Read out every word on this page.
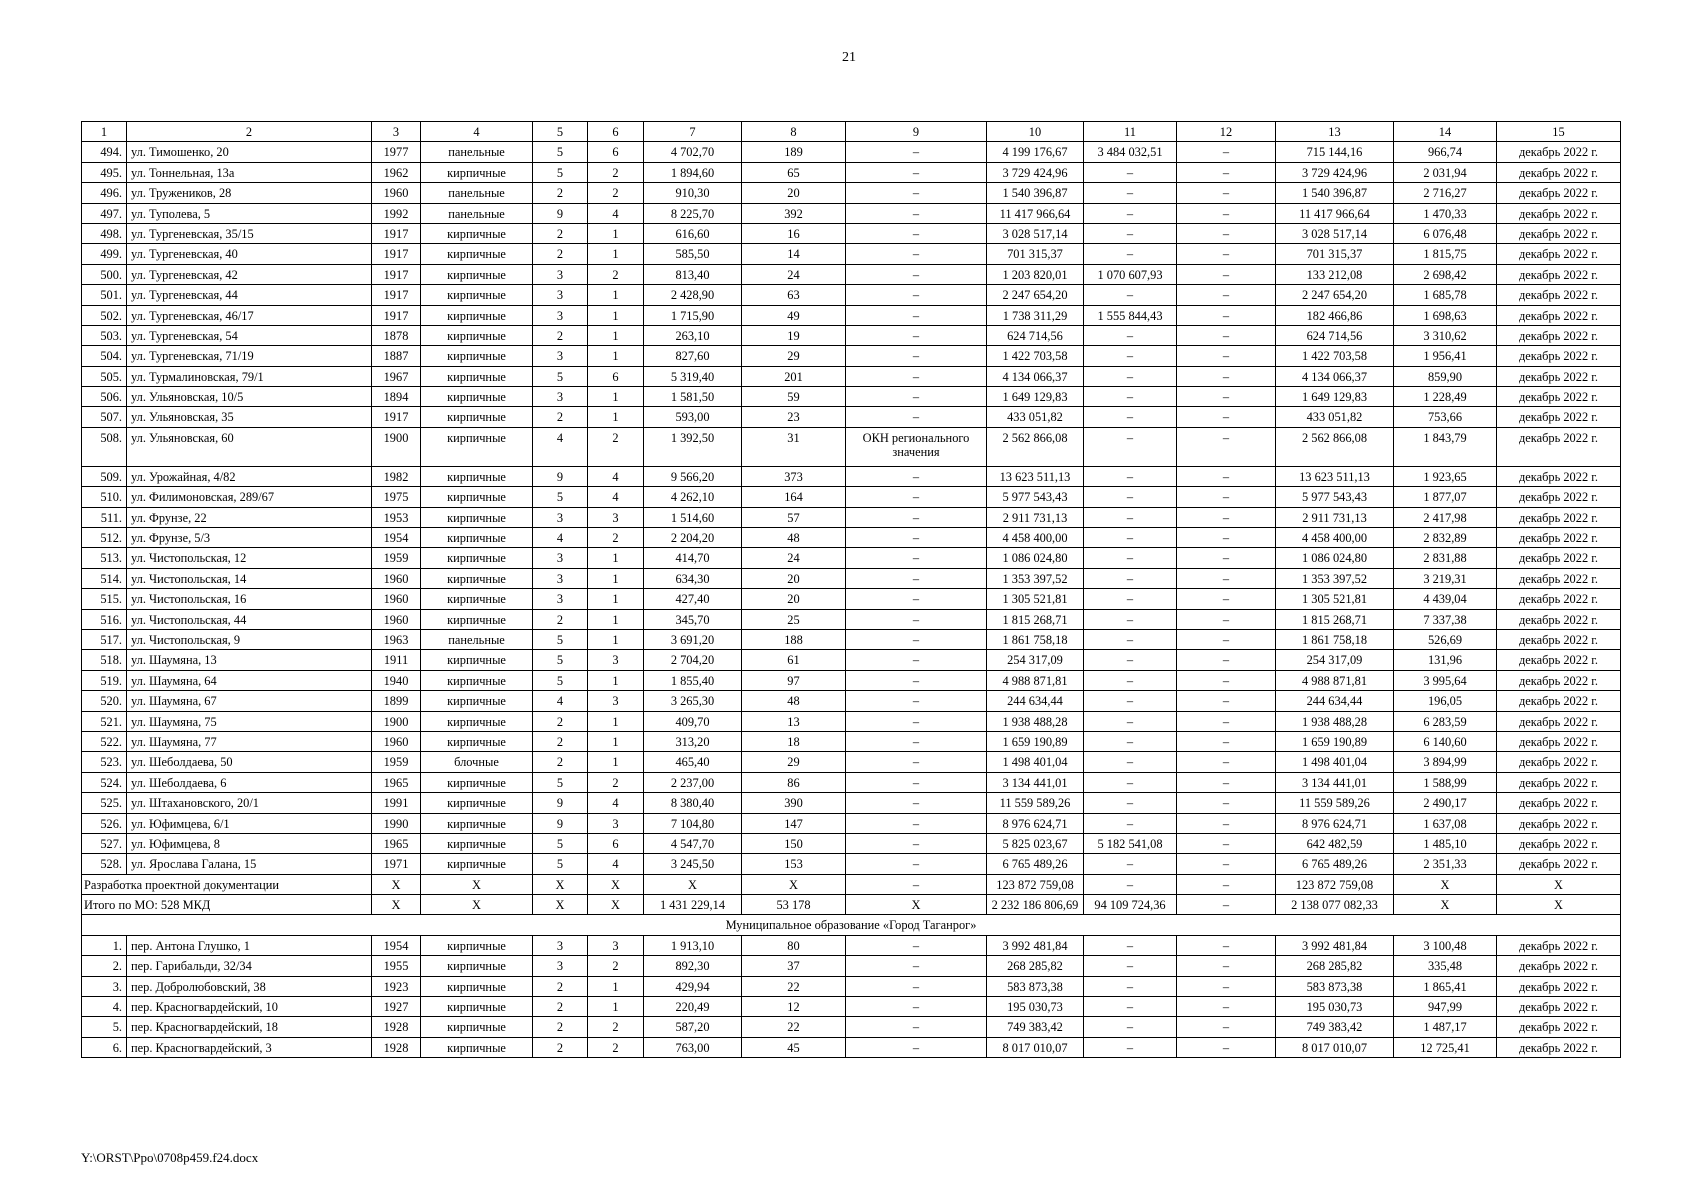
21
1	2	3	4	5	6	7	8	9	10	11	12	13	14	15
494.	ул. Тимошенко, 20	1977	панельные	5	6	4 702,70	189	–	4 199 176,67	3 484 032,51	–	715 144,16	966,74	декабрь 2022 г.
495.	ул. Тоннельная, 13а	1962	кирпичные	5	2	1 894,60	65	–	3 729 424,96	–	–	3 729 424,96	2 031,94	декабрь 2022 г.
496.	ул. Тружеников, 28	1960	панельные	2	2	910,30	20	–	1 540 396,87	–	–	1 540 396,87	2 716,27	декабрь 2022 г.
497.	ул. Туполева, 5	1992	панельные	9	4	8 225,70	392	–	11 417 966,64	–	–	11 417 966,64	1 470,33	декабрь 2022 г.
498.	ул. Тургеневская, 35/15	1917	кирпичные	2	1	616,60	16	–	3 028 517,14	–	–	3 028 517,14	6 076,48	декабрь 2022 г.
499.	ул. Тургеневская, 40	1917	кирпичные	2	1	585,50	14	–	701 315,37	–	–	701 315,37	1 815,75	декабрь 2022 г.
500.	ул. Тургеневская, 42	1917	кирпичные	3	2	813,40	24	–	1 203 820,01	1 070 607,93	–	133 212,08	2 698,42	декабрь 2022 г.
501.	ул. Тургеневская, 44	1917	кирпичные	3	1	2 428,90	63	–	2 247 654,20	–	–	2 247 654,20	1 685,78	декабрь 2022 г.
502.	ул. Тургеневская, 46/17	1917	кирпичные	3	1	1 715,90	49	–	1 738 311,29	1 555 844,43	–	182 466,86	1 698,63	декабрь 2022 г.
503.	ул. Тургеневская, 54	1878	кирпичные	2	1	263,10	19	–	624 714,56	–	–	624 714,56	3 310,62	декабрь 2022 г.
504.	ул. Тургеневская, 71/19	1887	кирпичные	3	1	827,60	29	–	1 422 703,58	–	–	1 422 703,58	1 956,41	декабрь 2022 г.
505.	ул. Турмалиновская, 79/1	1967	кирпичные	5	6	5 319,40	201	–	4 134 066,37	–	–	4 134 066,37	859,90	декабрь 2022 г.
506.	ул. Ульяновская, 10/5	1894	кирпичные	3	1	1 581,50	59	–	1 649 129,83	–	–	1 649 129,83	1 228,49	декабрь 2022 г.
507.	ул. Ульяновская, 35	1917	кирпичные	2	1	593,00	23	–	433 051,82	–	–	433 051,82	753,66	декабрь 2022 г.
508.	ул. Ульяновская, 60	1900	кирпичные	4	2	1 392,50	31	ОКН регионального значения	2 562 866,08	–	–	2 562 866,08	1 843,79	декабрь 2022 г.
509.	ул. Урожайная, 4/82	1982	кирпичные	9	4	9 566,20	373	–	13 623 511,13	–	–	13 623 511,13	1 923,65	декабрь 2022 г.
510.	ул. Филимоновская, 289/67	1975	кирпичные	5	4	4 262,10	164	–	5 977 543,43	–	–	5 977 543,43	1 877,07	декабрь 2022 г.
511.	ул. Фрунзе, 22	1953	кирпичные	3	3	1 514,60	57	–	2 911 731,13	–	–	2 911 731,13	2 417,98	декабрь 2022 г.
512.	ул. Фрунзе, 5/3	1954	кирпичные	4	2	2 204,20	48	–	4 458 400,00	–	–	4 458 400,00	2 832,89	декабрь 2022 г.
513.	ул. Чистопольская, 12	1959	кирпичные	3	1	414,70	24	–	1 086 024,80	–	–	1 086 024,80	2 831,88	декабрь 2022 г.
514.	ул. Чистопольская, 14	1960	кирпичные	3	1	634,30	20	–	1 353 397,52	–	–	1 353 397,52	3 219,31	декабрь 2022 г.
515.	ул. Чистопольская, 16	1960	кирпичные	3	1	427,40	20	–	1 305 521,81	–	–	1 305 521,81	4 439,04	декабрь 2022 г.
516.	ул. Чистопольская, 44	1960	кирпичные	2	1	345,70	25	–	1 815 268,71	–	–	1 815 268,71	7 337,38	декабрь 2022 г.
517.	ул. Чистопольская, 9	1963	панельные	5	1	3 691,20	188	–	1 861 758,18	–	–	1 861 758,18	526,69	декабрь 2022 г.
518.	ул. Шаумяна, 13	1911	кирпичные	5	3	2 704,20	61	–	254 317,09	–	–	254 317,09	131,96	декабрь 2022 г.
519.	ул. Шаумяна, 64	1940	кирпичные	5	1	1 855,40	97	–	4 988 871,81	–	–	4 988 871,81	3 995,64	декабрь 2022 г.
520.	ул. Шаумяна, 67	1899	кирпичные	4	3	3 265,30	48	–	244 634,44	–	–	244 634,44	196,05	декабрь 2022 г.
521.	ул. Шаумяна, 75	1900	кирпичные	2	1	409,70	13	–	1 938 488,28	–	–	1 938 488,28	6 283,59	декабрь 2022 г.
522.	ул. Шаумяна, 77	1960	кирпичные	2	1	313,20	18	–	1 659 190,89	–	–	1 659 190,89	6 140,60	декабрь 2022 г.
523.	ул. Шеболдаева, 50	1959	блочные	2	1	465,40	29	–	1 498 401,04	–	–	1 498 401,04	3 894,99	декабрь 2022 г.
524.	ул. Шеболдаева, 6	1965	кирпичные	5	2	2 237,00	86	–	3 134 441,01	–	–	3 134 441,01	1 588,99	декабрь 2022 г.
525.	ул. Штахановского, 20/1	1991	кирпичные	9	4	8 380,40	390	–	11 559 589,26	–	–	11 559 589,26	2 490,17	декабрь 2022 г.
526.	ул. Юфимцева, 6/1	1990	кирпичные	9	3	7 104,80	147	–	8 976 624,71	–	–	8 976 624,71	1 637,08	декабрь 2022 г.
527.	ул. Юфимцева, 8	1965	кирпичные	5	6	4 547,70	150	–	5 825 023,67	5 182 541,08	–	642 482,59	1 485,10	декабрь 2022 г.
528.	ул. Ярослава Галана, 15	1971	кирпичные	5	4	3 245,50	153	–	6 765 489,26	–	–	6 765 489,26	2 351,33	декабрь 2022 г.
Разработка проектной документации		X	X	X	X	X	X	–	123 872 759,08	–	–	123 872 759,08	X	X
Итого по МО: 528 МКД		X	X	X	X	1 431 229,14	53 178	X	2 232 186 806,69	94 109 724,36	–	2 138 077 082,33	X	X
Муниципальное образование «Город Таганрог»														
1.	пер. Антона Глушко, 1	1954	кирпичные	3	3	1 913,10	80	–	3 992 481,84	–	–	3 992 481,84	3 100,48	декабрь 2022 г.
2.	пер. Гарибальди, 32/34	1955	кирпичные	3	2	892,30	37	–	268 285,82	–	–	268 285,82	335,48	декабрь 2022 г.
3.	пер. Добролюбовский, 38	1923	кирпичные	2	1	429,94	22	–	583 873,38	–	–	583 873,38	1 865,41	декабрь 2022 г.
4.	пер. Красногвардейский, 10	1927	кирпичные	2	1	220,49	12	–	195 030,73	–	–	195 030,73	947,99	декабрь 2022 г.
5.	пер. Красногвардейский, 18	1928	кирпичные	2	2	587,20	22	–	749 383,42	–	–	749 383,42	1 487,17	декабрь 2022 г.
6.	пер. Красногвардейский, 3	1928	кирпичные	2	2	763,00	45	–	8 017 010,07	–	–	8 017 010,07	12 725,41	декабрь 2022 г.
Y:\ORST\Ppo\0708p459.f24.docx
